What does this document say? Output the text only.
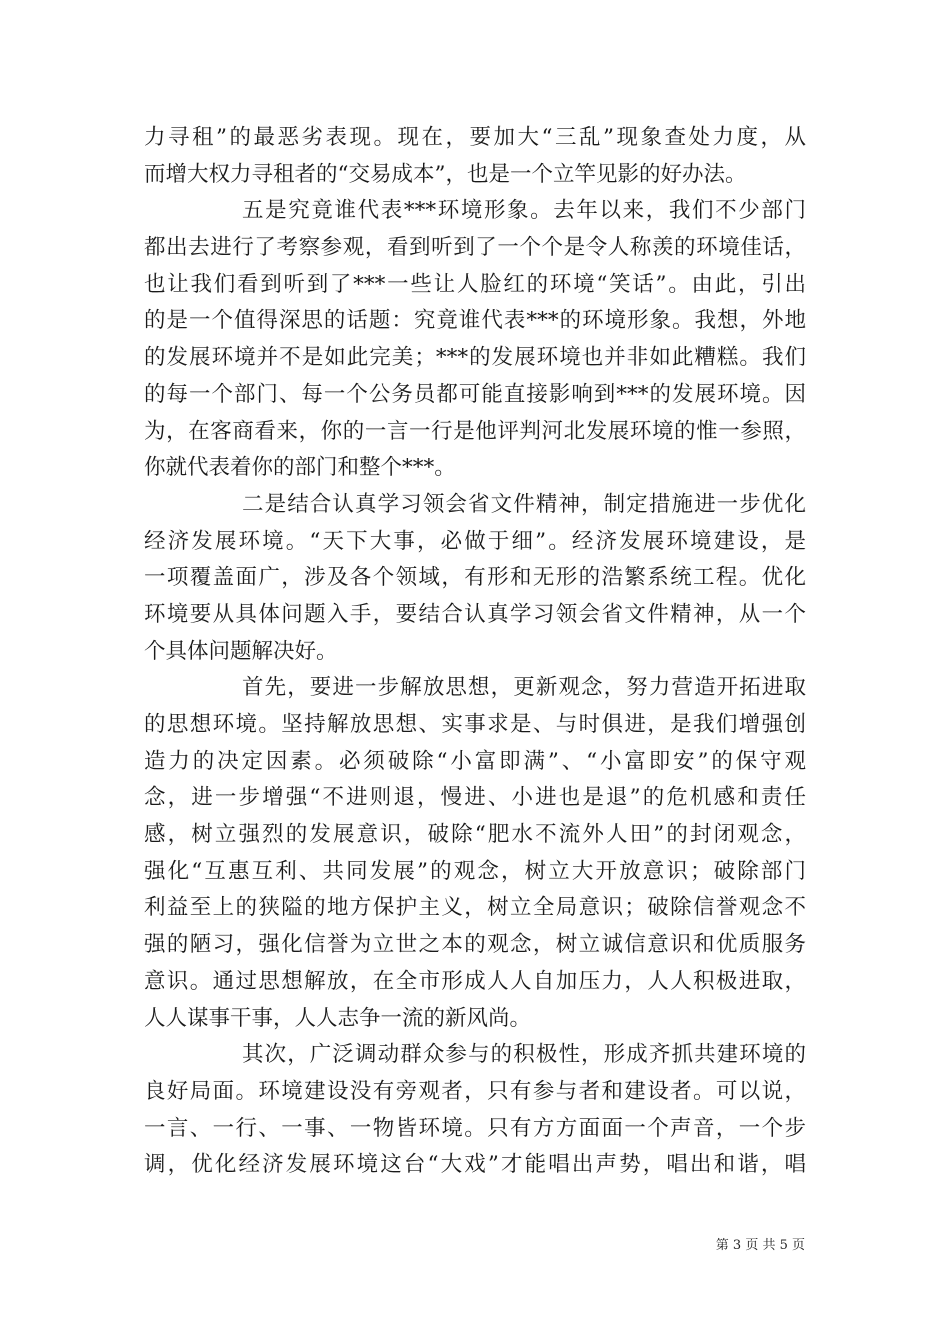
力寻租”的最恶劣表现。现在，要加大“三乱”现象查处力度，从
而增大权力寻租者的“交易成本”，也是一个立竿见影的好办法。
五是究竟谁代表***环境形象。去年以来，我们不少部门
都出去进行了考察参观，看到听到了一个个是令人称羡的环境佳话，
也让我们看到听到了***一些让人脸红的环境“笑话”。由此，引出
的是一个值得深思的话题：究竟谁代表***的环境形象。我想，外地
的发展环境并不是如此完美；***的发展环境也并非如此糟糕。我们
的每一个部门、每一个公务员都可能直接影响到***的发展环境。因
为，在客商看来，你的一言一行是他评判河北发展环境的惟一参照，
你就代表着你的部门和整个***。
二是结合认真学习领会省文件精神，制定措施进一步优化
经济发展环境。“天下大事，必做于细”。经济发展环境建设，是
一项覆盖面广，涉及各个领域，有形和无形的浩繁系统工程。优化
环境要从具体问题入手，要结合认真学习领会省文件精神，从一个
个具体问题解决好。
首先，要进一步解放思想，更新观念，努力营造开拓进取
的思想环境。坚持解放思想、实事求是、与时俱进，是我们增强创
造力的决定因素。必须破除“小富即满”、“小富即安”的保守观
念，进一步增强“不进则退，慢进、小进也是退”的危机感和责任
感，树立强烈的发展意识，破除“肥水不流外人田”的封闭观念，
强化“互惠互利、共同发展”的观念，树立大开放意识；破除部门
利益至上的狭隘的地方保护主义，树立全局意识；破除信誉观念不
强的陋习，强化信誉为立世之本的观念，树立诚信意识和优质服务
意识。通过思想解放，在全市形成人人自加压力，人人积极进取，
人人谋事干事，人人志争一流的新风尚。
其次，广泛调动群众参与的积极性，形成齐抓共建环境的
良好局面。环境建设没有旁观者，只有参与者和建设者。可以说，
一言、一行、一事、一物皆环境。只有方方面面一个声音，一个步
调，优化经济发展环境这台“大戏”才能唱出声势，唱出和谐，唱
第 3 页 共 5 页
